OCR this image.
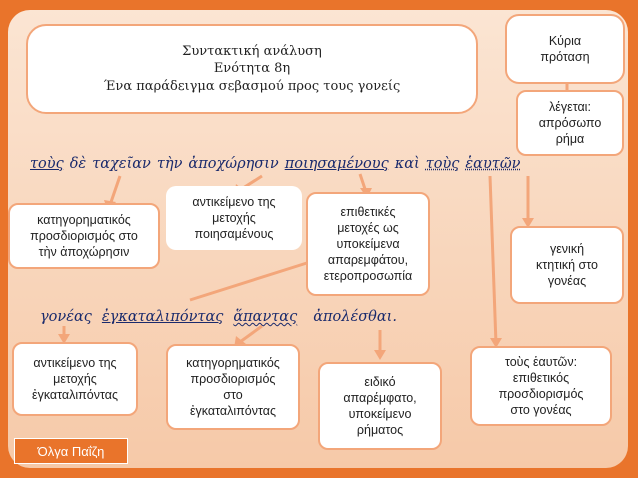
Συντακτική ανάλυση
Ενότητα 8η
Ένα παράδειγμα σεβασμού προς τους γονείς
Κύρια
πρόταση
λέγεται:
απρόσωπο
ρήμα
τοὺς δὲ ταχεῖαν τὴν ἀποχώρησιν ποιησαμένους καὶ τοὺς ἑαυτῶν
κατηγορηματικός
προσδιορισμός στο
τὴν ἀποχώρησιν
αντικείμενο της
μετοχής
ποιησαμένους
επιθετικές
μετοχές ως
υποκείμενα
απαρεμφάτου,
ετεροπροσωπία
γενική
κτητική στο
γονέας
γονέας ἐγκαταλιπόντας ἅπαντας ἀπολέσθαι.
αντικείμενο της
μετοχής
ἐγκαταλιπόντας
κατηγορηματικός
προσδιορισμός
στο
ἐγκαταλιπόντας
ειδικό
απαρέμφατο,
υποκείμενο
ρήματος
τοὺς ἑαυτῶν:
επιθετικός
προσδιορισμός
στο γονέας
Όλγα Παΐζη
